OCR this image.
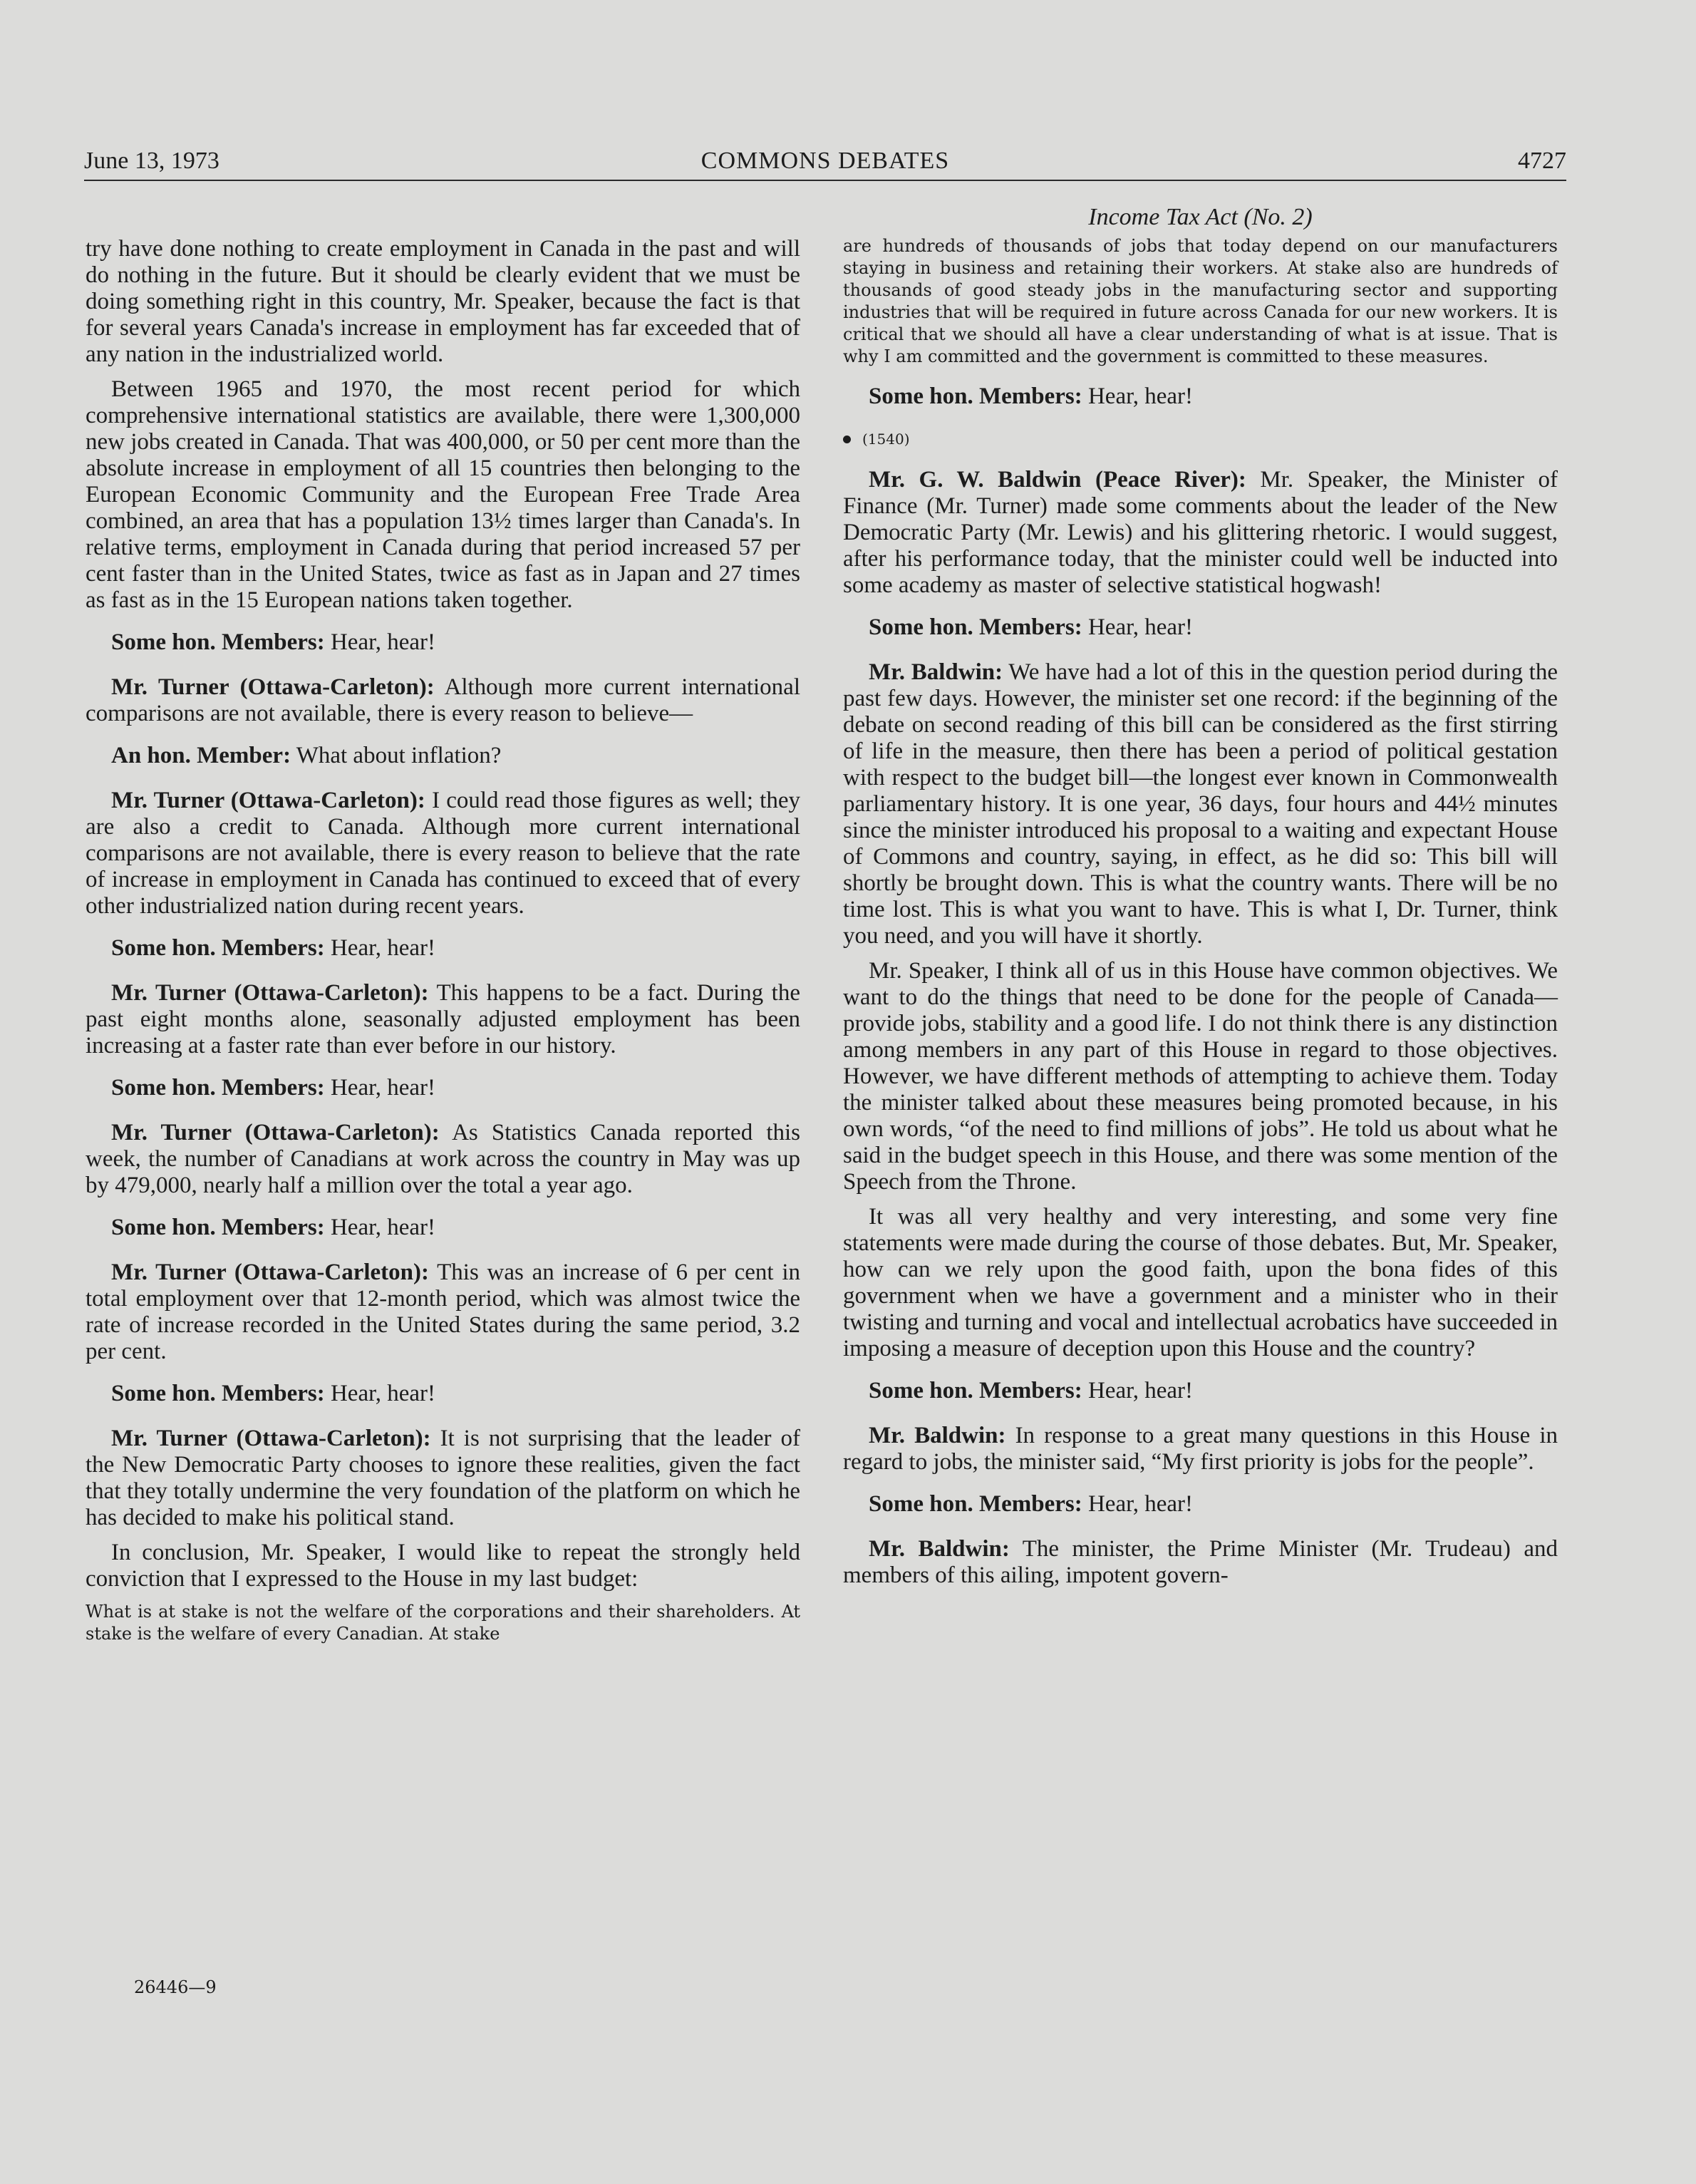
June 13, 1973	COMMONS DEBATES	4727

try have done nothing to create employment in Canada in the past and will do nothing in the future. But it should be clearly evident that we must be doing something right in this country, Mr. Speaker, because the fact is that for several years Canada's increase in employment has far exceeded that of any nation in the industrialized world.

Between 1965 and 1970, the most recent period for which comprehensive international statistics are available, there were 1,300,000 new jobs created in Canada. That was 400,000, or 50 per cent more than the absolute increase in employment of all 15 countries then belonging to the European Economic Community and the European Free Trade Area combined, an area that has a population 13½ times larger than Canada's. In relative terms, employment in Canada during that period increased 57 per cent faster than in the United States, twice as fast as in Japan and 27 times as fast as in the 15 European nations taken together.

Some hon. Members: Hear, hear!

Mr. Turner (Ottawa-Carleton): Although more current international comparisons are not available, there is every reason to believe—

An hon. Member: What about inflation?

Mr. Turner (Ottawa-Carleton): I could read those figures as well; they are also a credit to Canada. Although more current international comparisons are not available, there is every reason to believe that the rate of increase in employment in Canada has continued to exceed that of every other industrialized nation during recent years.

Some hon. Members: Hear, hear!

Mr. Turner (Ottawa-Carleton): This happens to be a fact. During the past eight months alone, seasonally adjusted employment has been increasing at a faster rate than ever before in our history.

Some hon. Members: Hear, hear!

Mr. Turner (Ottawa-Carleton): As Statistics Canada reported this week, the number of Canadians at work across the country in May was up by 479,000, nearly half a million over the total a year ago.

Some hon. Members: Hear, hear!

Mr. Turner (Ottawa-Carleton): This was an increase of 6 per cent in total employment over that 12-month period, which was almost twice the rate of increase recorded in the United States during the same period, 3.2 per cent.

Some hon. Members: Hear, hear!

Mr. Turner (Ottawa-Carleton): It is not surprising that the leader of the New Democratic Party chooses to ignore these realities, given the fact that they totally undermine the very foundation of the platform on which he has decided to make his political stand.

In conclusion, Mr. Speaker, I would like to repeat the strongly held conviction that I expressed to the House in my last budget:

What is at stake is not the welfare of the corporations and their shareholders. At stake is the welfare of every Canadian. At stake

Income Tax Act (No. 2)

are hundreds of thousands of jobs that today depend on our manufacturers staying in business and retaining their workers. At stake also are hundreds of thousands of good steady jobs in the manufacturing sector and supporting industries that will be required in future across Canada for our new workers. It is critical that we should all have a clear understanding of what is at issue. That is why I am committed and the government is committed to these measures.

Some hon. Members: Hear, hear!

(1540)

Mr. G. W. Baldwin (Peace River): Mr. Speaker, the Minister of Finance (Mr. Turner) made some comments about the leader of the New Democratic Party (Mr. Lewis) and his glittering rhetoric. I would suggest, after his performance today, that the minister could well be inducted into some academy as master of selective statistical hogwash!

Some hon. Members: Hear, hear!

Mr. Baldwin: We have had a lot of this in the question period during the past few days. However, the minister set one record: if the beginning of the debate on second reading of this bill can be considered as the first stirring of life in the measure, then there has been a period of political gestation with respect to the budget bill—the longest ever known in Commonwealth parliamentary history. It is one year, 36 days, four hours and 44½ minutes since the minister introduced his proposal to a waiting and expectant House of Commons and country, saying, in effect, as he did so: This bill will shortly be brought down. This is what the country wants. There will be no time lost. This is what you want to have. This is what I, Dr. Turner, think you need, and you will have it shortly.

Mr. Speaker, I think all of us in this House have common objectives. We want to do the things that need to be done for the people of Canada—provide jobs, stability and a good life. I do not think there is any distinction among members in any part of this House in regard to those objectives. However, we have different methods of attempting to achieve them. Today the minister talked about these measures being promoted because, in his own words, “of the need to find millions of jobs”. He told us about what he said in the budget speech in this House, and there was some mention of the Speech from the Throne.

It was all very healthy and very interesting, and some very fine statements were made during the course of those debates. But, Mr. Speaker, how can we rely upon the good faith, upon the bona fides of this government when we have a government and a minister who in their twisting and turning and vocal and intellectual acrobatics have succeeded in imposing a measure of deception upon this House and the country?

Some hon. Members: Hear, hear!

Mr. Baldwin: In response to a great many questions in this House in regard to jobs, the minister said, “My first priority is jobs for the people”.

Some hon. Members: Hear, hear!

Mr. Baldwin: The minister, the Prime Minister (Mr. Trudeau) and members of this ailing, impotent govern-

26446—9
